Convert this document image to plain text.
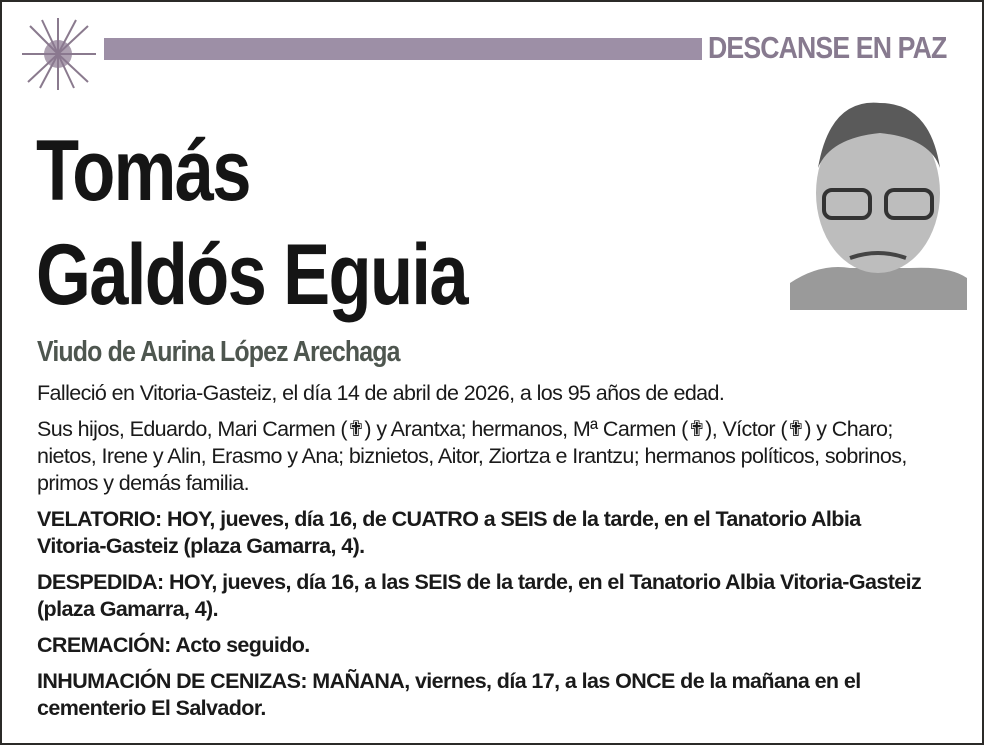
DESCANSE EN PAZ
Tomás
Galdós Eguia
Viudo de Aurina López Arechaga

Falleció en Vitoria-Gasteiz, el día 14 de abril de 2026, a los 95 años de edad.

Sus hijos, Eduardo, Mari Carmen (✟) y Arantxa; hermanos, Mª Carmen (✟), Víctor (✟) y Charo; nietos, Irene y Alin, Erasmo y Ana; biznietos, Aitor, Ziortza e Irantzu; hermanos políticos, sobrinos, primos y demás familia.

VELATORIO: HOY, jueves, día 16, de CUATRO a SEIS de la tarde, en el Tanatorio Albia Vitoria-Gasteiz (plaza Gamarra, 4).

DESPEDIDA: HOY, jueves, día 16, a las SEIS de la tarde, en el Tanatorio Albia Vitoria-Gasteiz (plaza Gamarra, 4).

CREMACIÓN: Acto seguido.

INHUMACIÓN DE CENIZAS: MAÑANA, viernes, día 17, a las ONCE de la mañana en el cementerio El Salvador.
